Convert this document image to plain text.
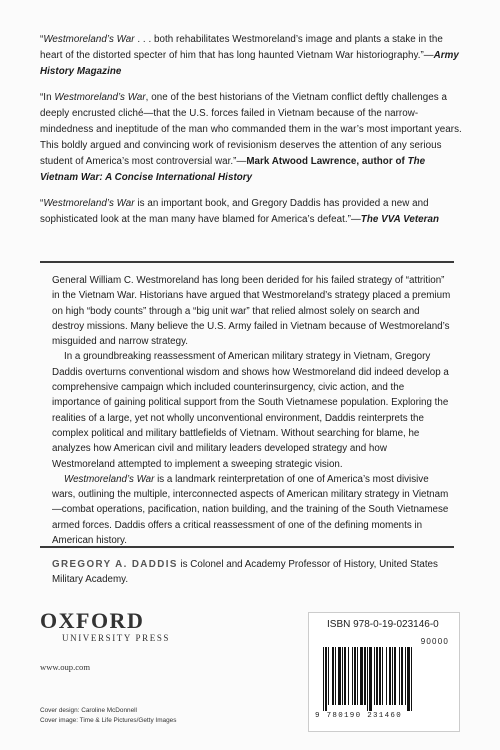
“Westmoreland’s War . . . both rehabilitates Westmoreland’s image and plants a stake in the heart of the distorted specter of him that has long haunted Vietnam War historiography.”—Army History Magazine

“In Westmoreland’s War, one of the best historians of the Vietnam conflict deftly challenges a deeply encrusted cliché—that the U.S. forces failed in Vietnam because of the narrow-mindedness and ineptitude of the man who commanded them in the war’s most important years. This boldly argued and convincing work of revisionism deserves the attention of any serious student of America’s most controversial war.”—Mark Atwood Lawrence, author of The Vietnam War: A Concise International History

“Westmoreland’s War is an important book, and Gregory Daddis has provided a new and sophisticated look at the man many have blamed for America’s defeat.”—The VVA Veteran

General William C. Westmoreland has long been derided for his failed strategy of “attrition” in the Vietnam War. Historians have argued that Westmoreland’s strategy placed a premium on high “body counts” through a “big unit war” that relied almost solely on search and destroy missions. Many believe the U.S. Army failed in Vietnam because of Westmoreland’s misguided and narrow strategy.

In a groundbreaking reassessment of American military strategy in Vietnam, Gregory Daddis overturns conventional wisdom and shows how Westmoreland did indeed develop a comprehensive campaign which included counterinsurgency, civic action, and the importance of gaining political support from the South Vietnamese population. Exploring the realities of a large, yet not wholly unconventional environment, Daddis reinterprets the complex political and military battlefields of Vietnam. Without searching for blame, he analyzes how American civil and military leaders developed strategy and how Westmoreland attempted to implement a sweeping strategic vision.

Westmoreland’s War is a landmark reinterpretation of one of America’s most divisive wars, outlining the multiple, interconnected aspects of American military strategy in Vietnam—combat operations, pacification, nation building, and the training of the South Vietnamese armed forces. Daddis offers a critical reassessment of one of the defining moments in American history.

GREGORY A. DADDIS is Colonel and Academy Professor of History, United States Military Academy.
OXFORD
UNIVERSITY PRESS
www.oup.com
Cover design: Caroline McDonnell
Cover image: Time & Life Pictures/Getty Images
ISBN 978-0-19-023146-0
90000
9 780190 231460
